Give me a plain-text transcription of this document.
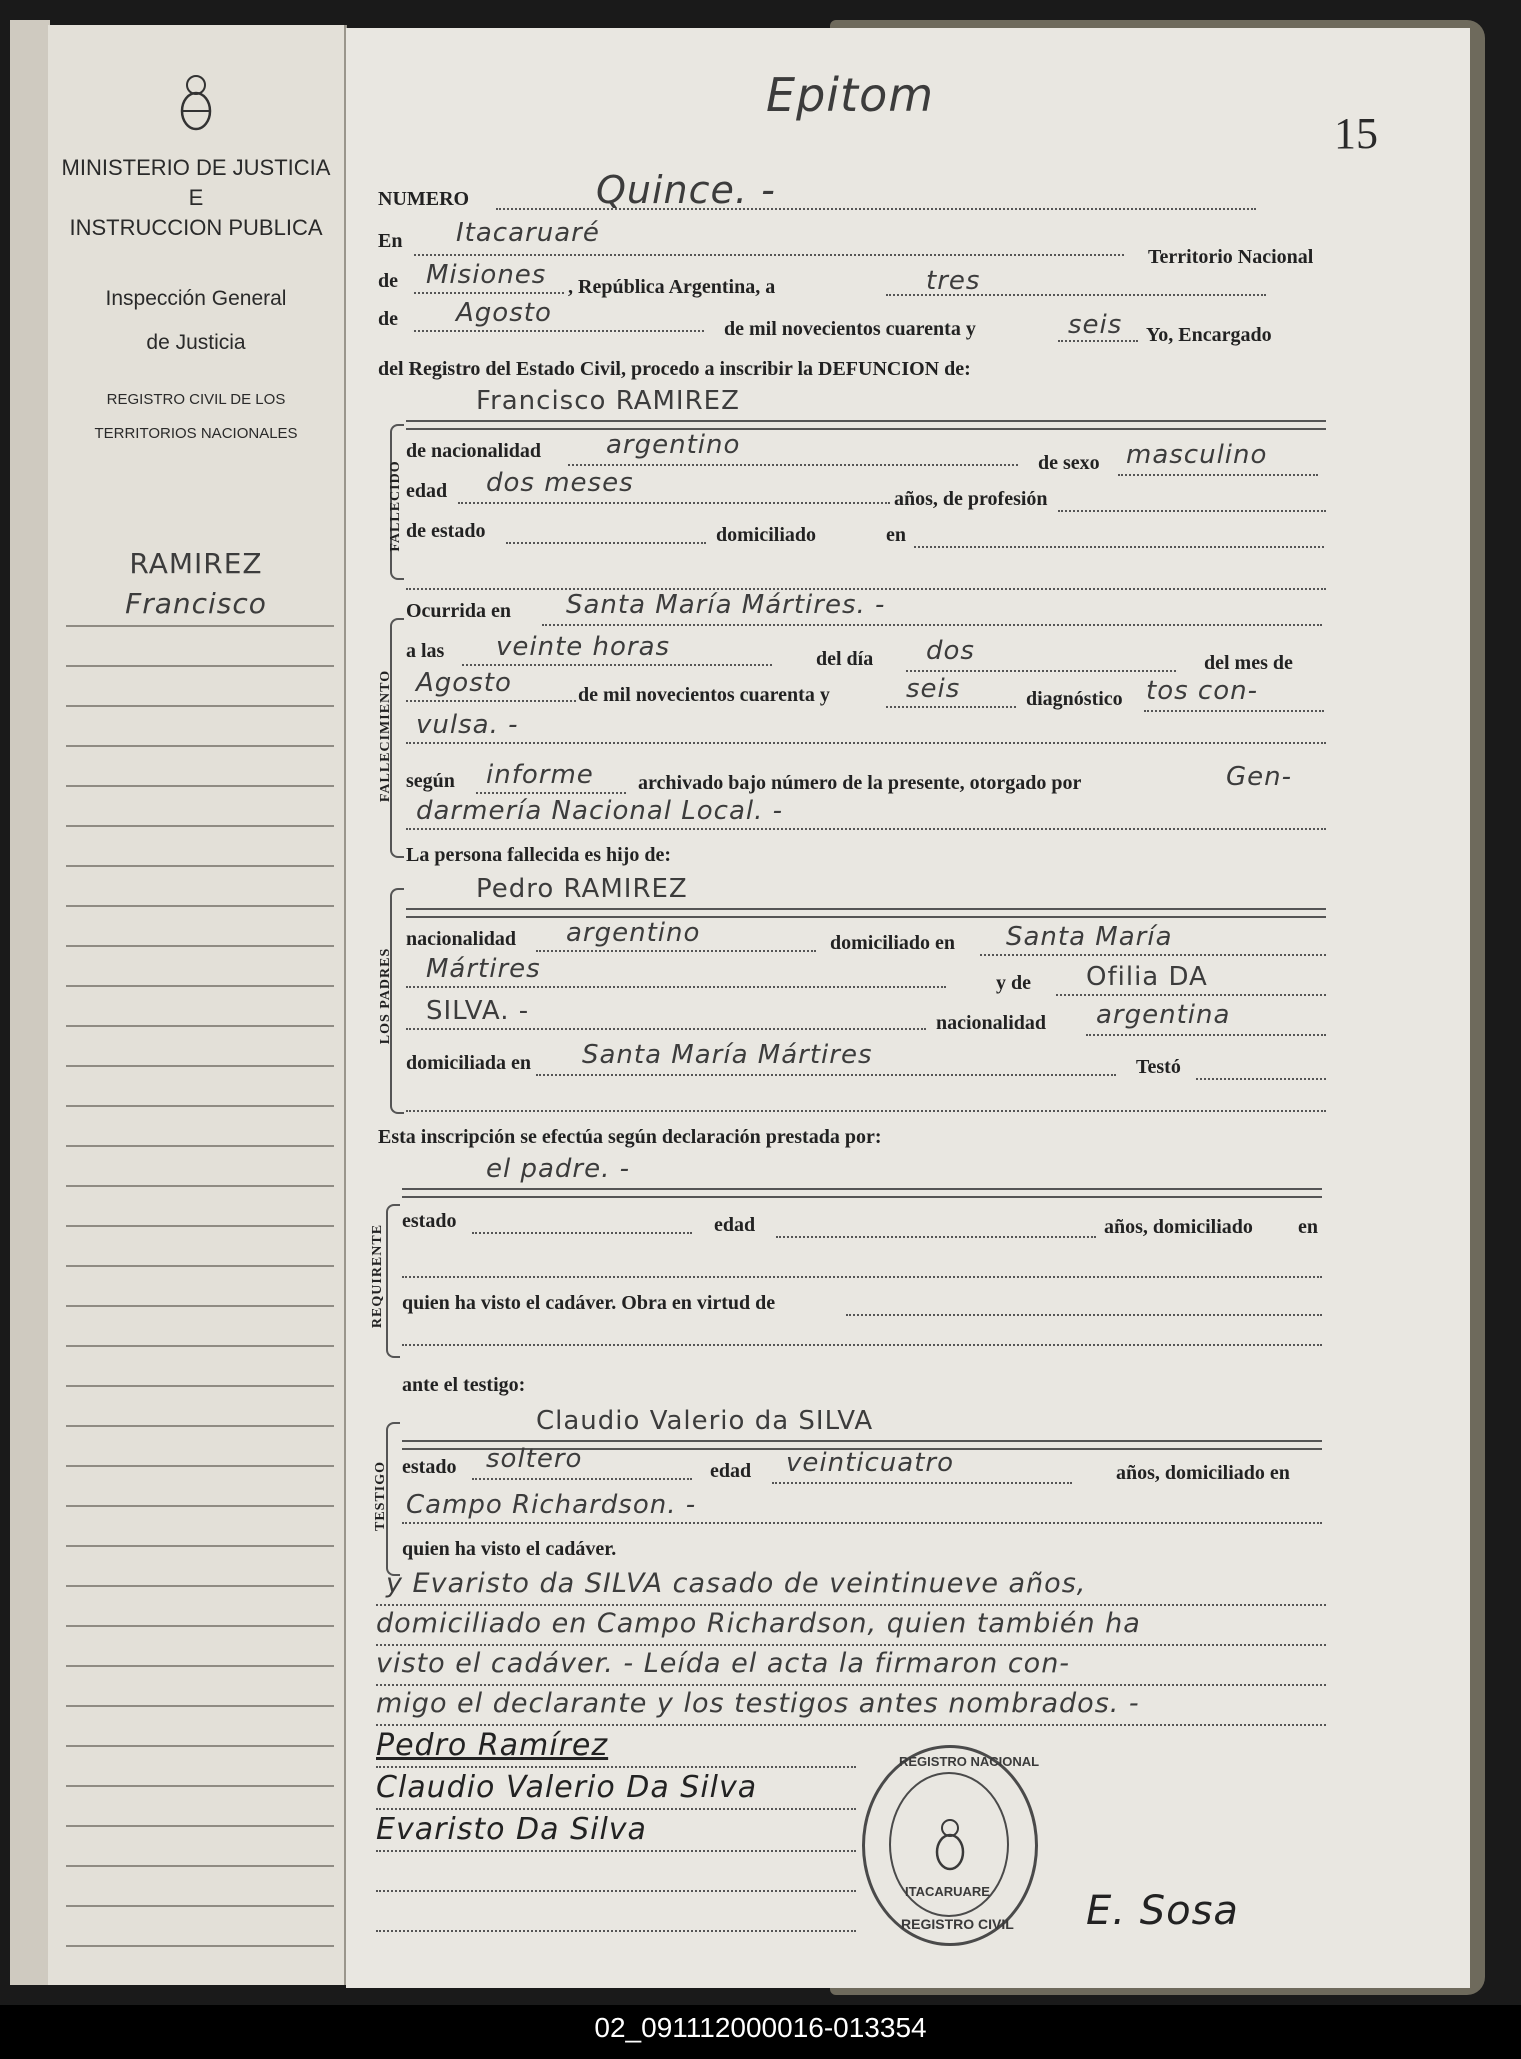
MINISTERIO DE JUSTICIA
E
INSTRUCCION PUBLICA
Inspección General
de Justicia
REGISTRO CIVIL DE LOS
TERRITORIOS NACIONALES
RAMIREZ
Francisco
Epitom
15
NUMERO	Quince. -
En Itacaruaré
Territorio Nacional
de Misiones , República Argentina, a	tres
de Agosto
de mil novecientos cuarenta y	seis Yo, Encargado
del Registro del Estado Civil, procedo a inscribir la DEFUNCION de:
FALLECIDO
Francisco RAMIREZ
de nacionalidad argentino
de sexo masculino
edad dos meses
años, de profesión
de estado	domiciliado	en
FALLECIMIENTO
Ocurrida en Santa María Mártires. -
a las veinte horas	del día dos	del mes de
Agosto	de mil novecientos cuarenta y	seis	diagnóstico tos con-
vulsa. -
según informe archivado bajo número de la presente, otorgado por	Gen-
darmería Nacional Local. -
La persona fallecida es hijo de:
LOS PADRES
Pedro RAMIREZ
nacionalidad argentino	domiciliado en Santa María
Mártires	y de Ofilia DA
SILVA. -	nacionalidad argentina
domiciliada en Santa María Mártires	Testó
Esta inscripción se efectúa según declaración prestada por:
el padre. -
REQUIRENTE
estado	edad	años, domiciliado en
quien ha visto el cadáver. Obra en virtud de
ante el testigo:
TESTIGO
Claudio Valerio da SILVA
estado soltero	edad veinticuatro	años, domiciliado en
Campo Richardson. -
quien ha visto el cadáver.
y Evaristo da SILVA casado de veintinueve años,
domiciliado en Campo Richardson, quien también ha
visto el cadáver. - Leída el acta la firmaron con-
migo el declarante y los testigos antes nombrados. -
Pedro Ramírez
Claudio Valerio Da Silva
Evaristo Da Silva
E. Sosa
REGISTRO NACIONAL
ITACARUARE
REGISTRO CIVIL
02_091112000016-013354
